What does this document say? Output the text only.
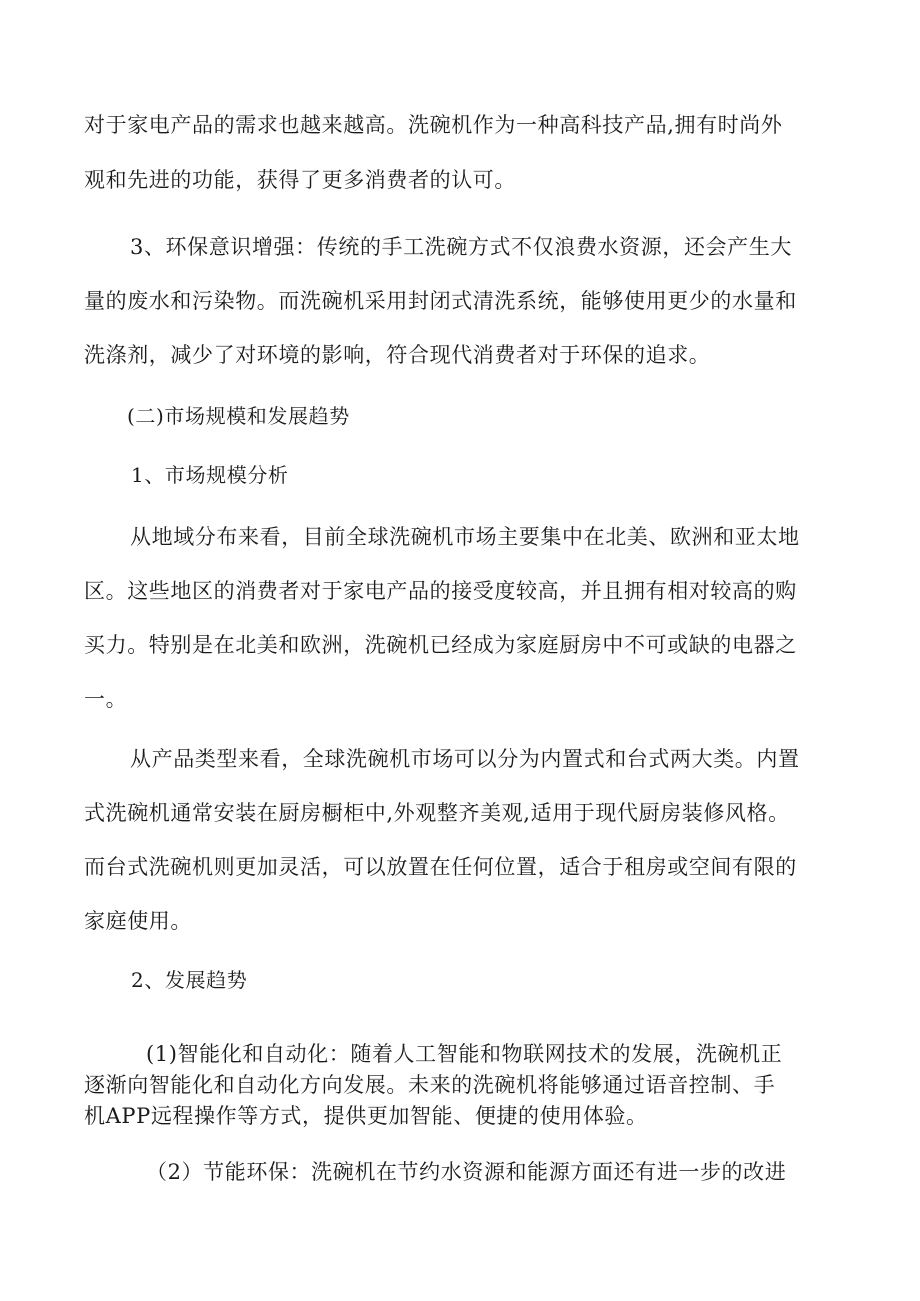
对于家电产品的需求也越来越高。洗碗机作为一种高科技产品,拥有时尚外
观和先进的功能，获得了更多消费者的认可。
3、环保意识增强：传统的手工洗碗方式不仅浪费水资源，还会产生大
量的废水和污染物。而洗碗机采用封闭式清洗系统，能够使用更少的水量和
洗涤剂，减少了对环境的影响，符合现代消费者对于环保的追求。
(二)市场规模和发展趋势
1、市场规模分析
从地域分布来看，目前全球洗碗机市场主要集中在北美、欧洲和亚太地
区。这些地区的消费者对于家电产品的接受度较高，并且拥有相对较高的购
买力。特别是在北美和欧洲，洗碗机已经成为家庭厨房中不可或缺的电器之
一。
从产品类型来看，全球洗碗机市场可以分为内置式和台式两大类。内置
式洗碗机通常安装在厨房橱柜中,外观整齐美观,适用于现代厨房装修风格。
而台式洗碗机则更加灵活，可以放置在任何位置，适合于租房或空间有限的
家庭使用。
2、发展趋势
(1)智能化和自动化：随着人工智能和物联网技术的发展，洗碗机正
逐渐向智能化和自动化方向发展。未来的洗碗机将能够通过语音控制、手
机APP远程操作等方式，提供更加智能、便捷的使用体验。
（2）节能环保：洗碗机在节约水资源和能源方面还有进一步的改进
